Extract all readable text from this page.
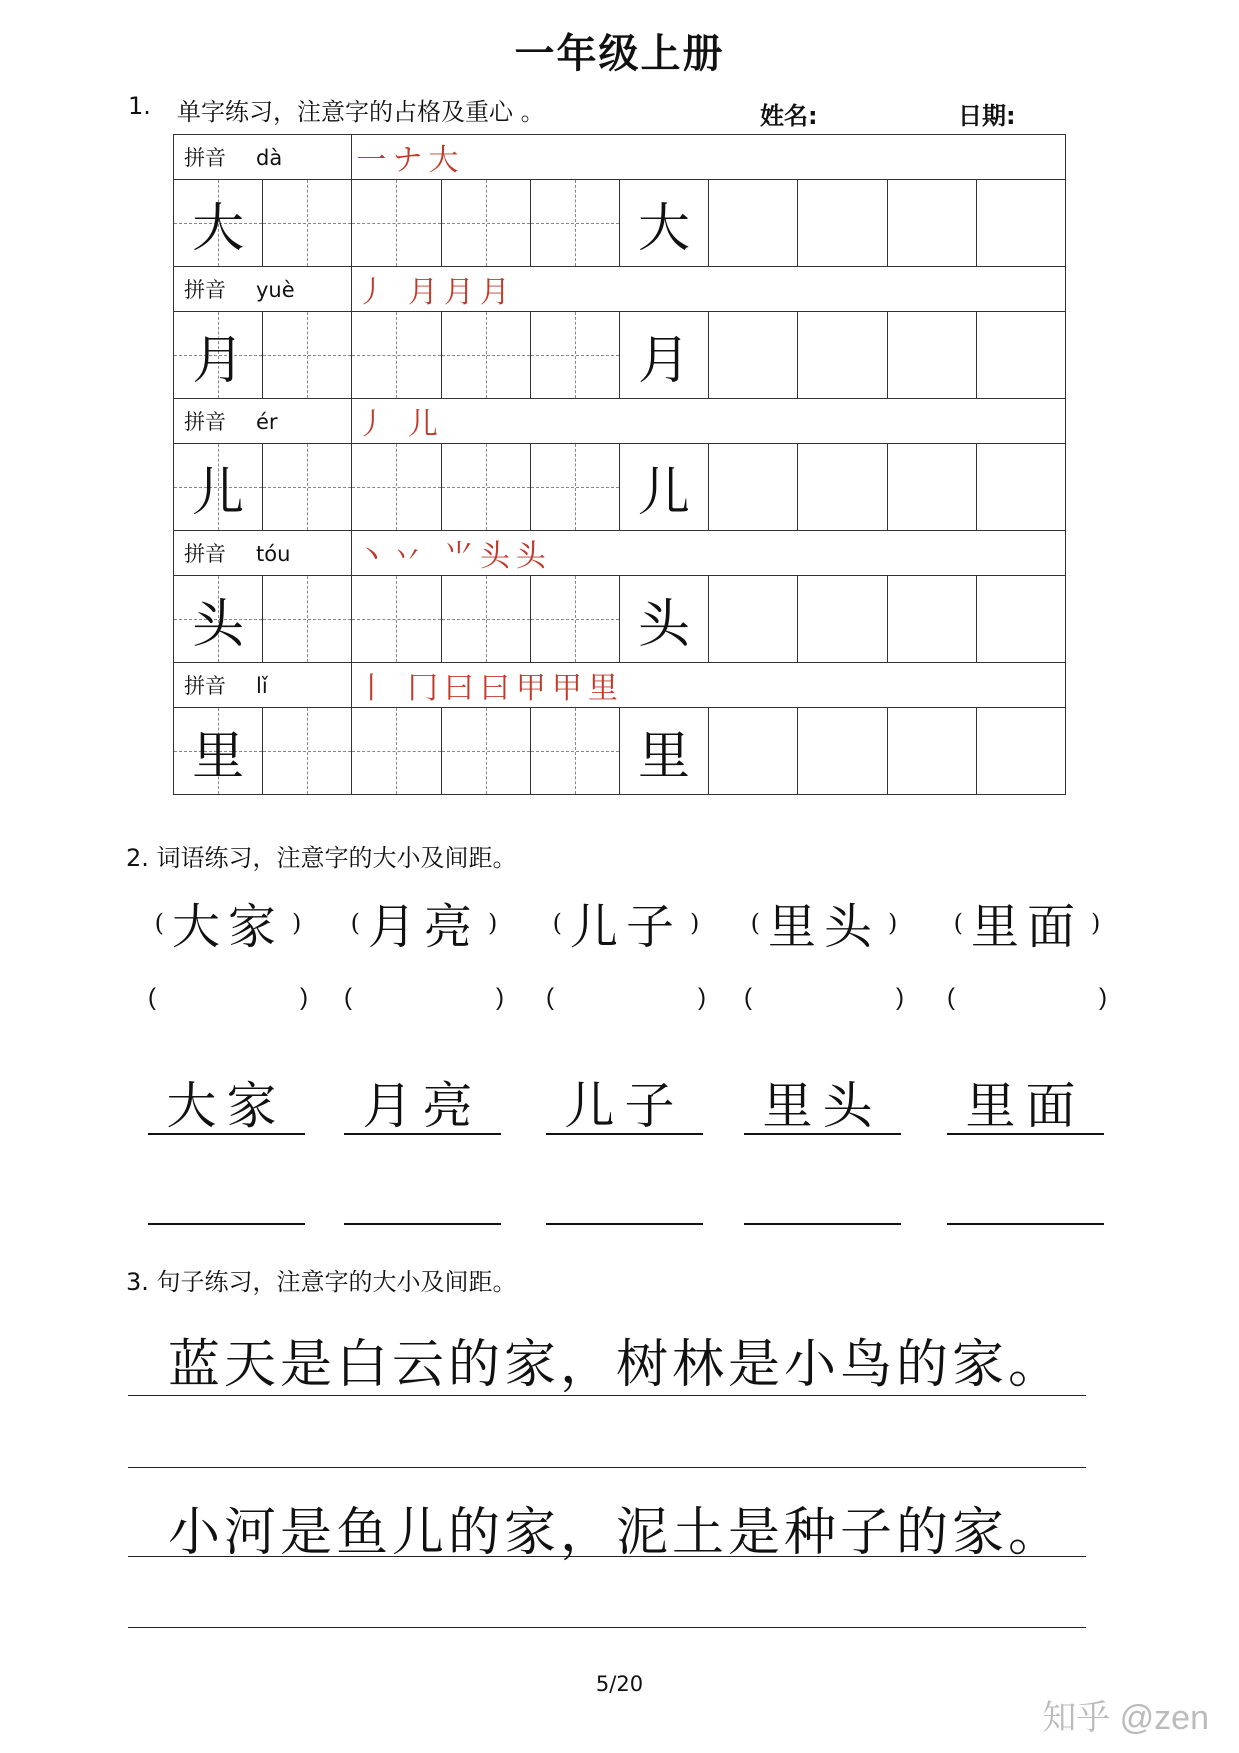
一年级上册
1. 单字练习，注意字的占格及重心 。	姓名:	日期:
拼音 dà		一ナ大							

大					大				

拼音 yuè		丿 月月月							

月					月				

拼音 ér		丿 儿							

儿					儿				

拼音 tóu		丶丷 ⺌头头							

头					头				

拼音 lǐ		丨 冂曰曰甲甲里							

里					里				

2. 词语练习，注意字的大小及间距。
( 大家 )
(	)
大家
( 月亮 )
(	)
月亮
( 儿子 )
(	)
儿子
( 里头 )
(	)
里头
( 里面 )
(	)
里面
3. 句子练习，注意字的大小及间距。
蓝天是白云的家，树林是小鸟的家。
小河是鱼儿的家，泥土是种子的家。
5/20
知乎 @zen
